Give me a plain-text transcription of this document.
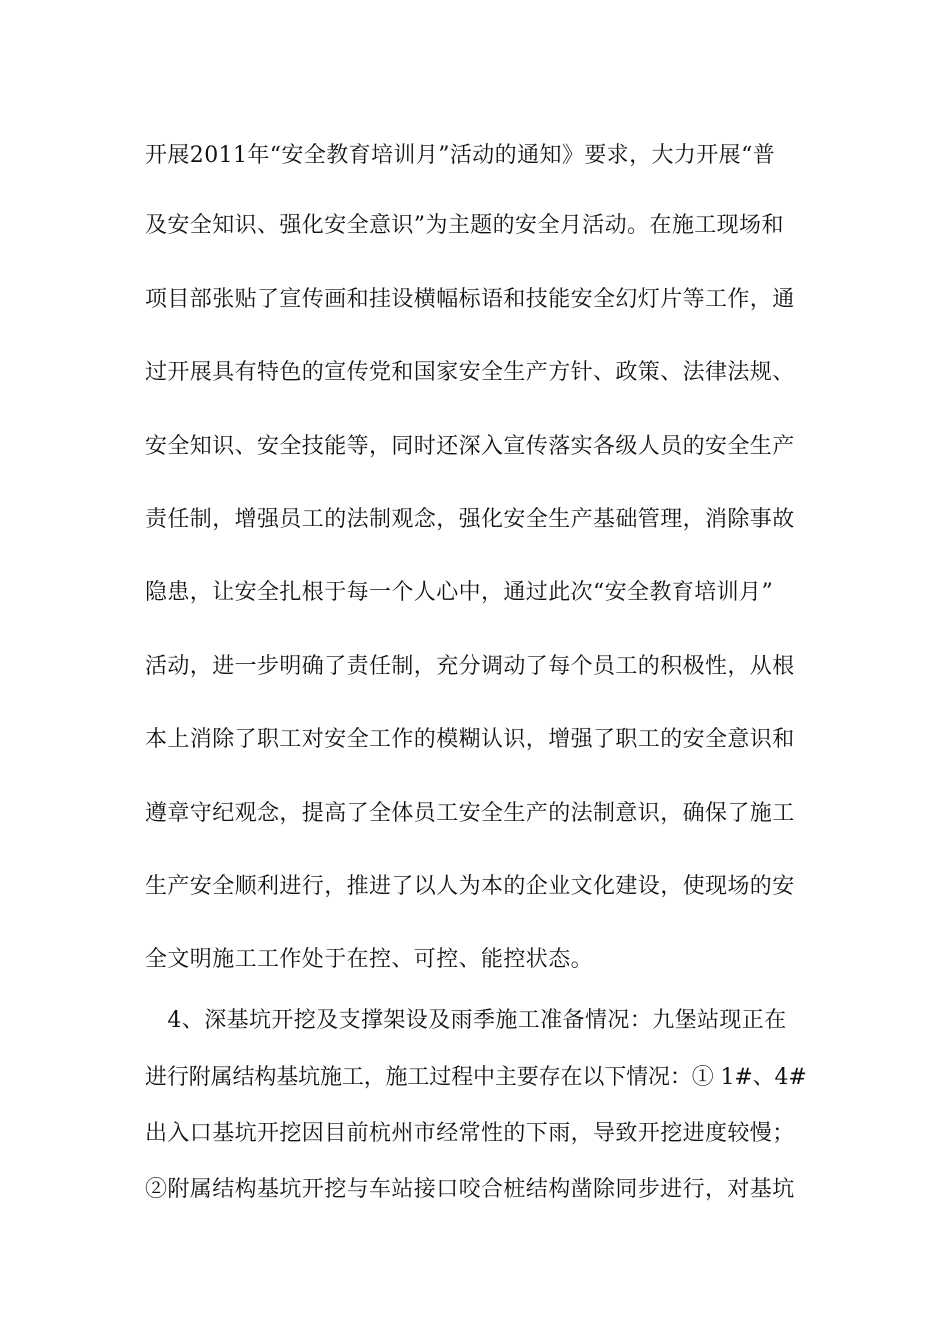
开展2011年“安全教育培训月”活动的通知》要求，大力开展“普
及安全知识、强化安全意识”为主题的安全月活动。在施工现场和
项目部张贴了宣传画和挂设横幅标语和技能安全幻灯片等工作，通
过开展具有特色的宣传党和国家安全生产方针、政策、法律法规、
安全知识、安全技能等，同时还深入宣传落实各级人员的安全生产
责任制，增强员工的法制观念，强化安全生产基础管理，消除事故
隐患，让安全扎根于每一个人心中，通过此次“安全教育培训月”
活动，进一步明确了责任制，充分调动了每个员工的积极性，从根
本上消除了职工对安全工作的模糊认识，增强了职工的安全意识和
遵章守纪观念，提高了全体员工安全生产的法制意识，确保了施工
生产安全顺利进行，推进了以人为本的企业文化建设，使现场的安
全文明施工工作处于在控、可控、能控状态。
　4、深基坑开挖及支撑架设及雨季施工准备情况：九堡站现正在
进行附属结构基坑施工，施工过程中主要存在以下情况：① 1#、4#
出入口基坑开挖因目前杭州市经常性的下雨，导致开挖进度较慢；
②附属结构基坑开挖与车站接口咬合桩结构凿除同步进行，对基坑
